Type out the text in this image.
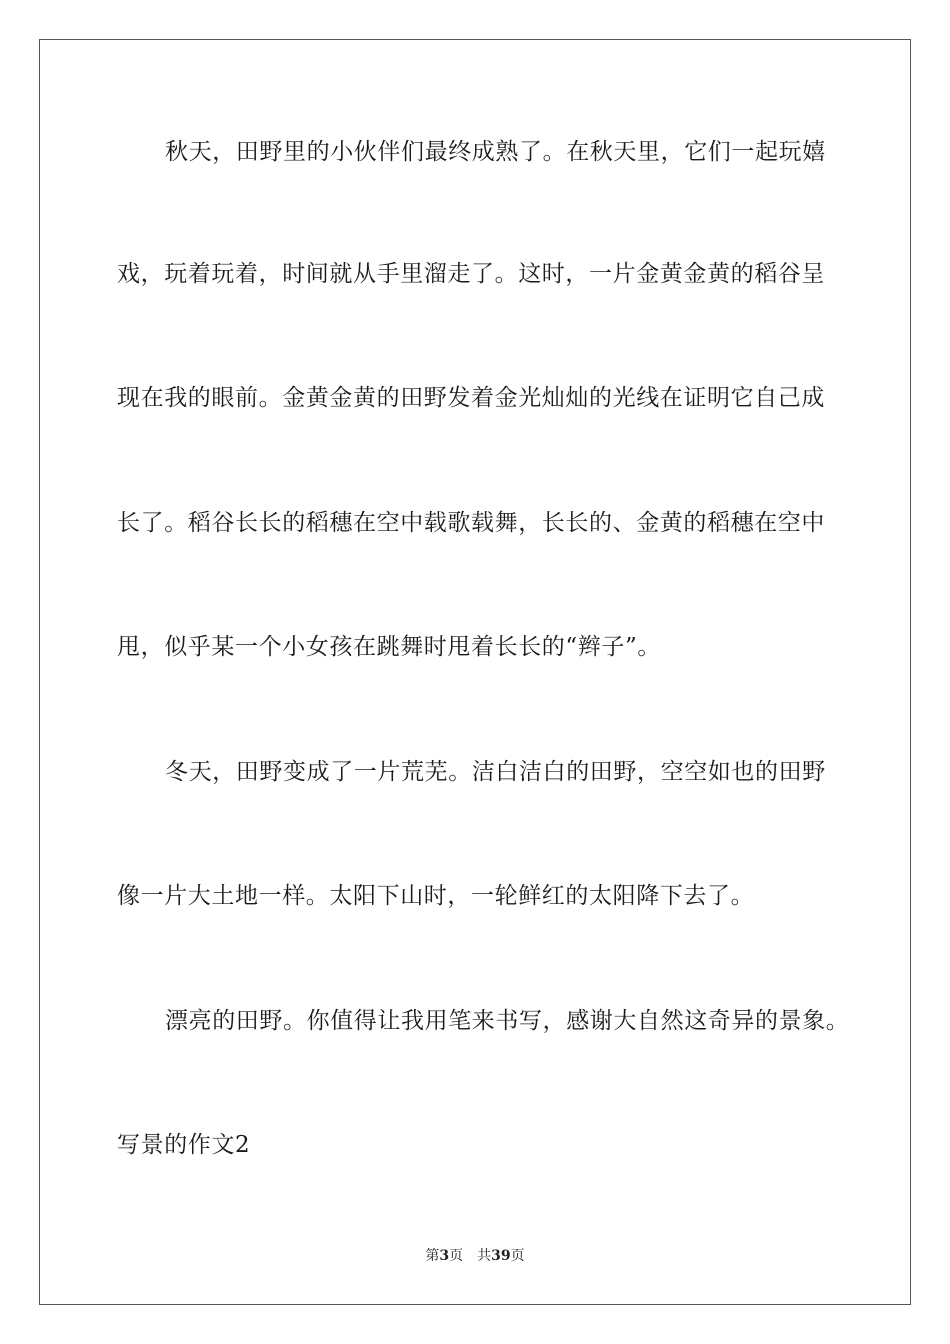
秋天，田野里的小伙伴们最终成熟了。在秋天里，它们一起玩嬉
戏，玩着玩着，时间就从手里溜走了。这时，一片金黄金黄的稻谷呈
现在我的眼前。金黄金黄的田野发着金光灿灿的光线在证明它自己成
长了。稻谷长长的稻穗在空中载歌载舞，长长的、金黄的稻穗在空中
甩，似乎某一个小女孩在跳舞时甩着长长的“辫子”。
冬天，田野变成了一片荒芜。洁白洁白的田野，空空如也的田野
像一片大土地一样。太阳下山时，一轮鲜红的太阳降下去了。
漂亮的田野。你值得让我用笔来书写，感谢大自然这奇异的景象。
写景的作文2
第3页 共39页
